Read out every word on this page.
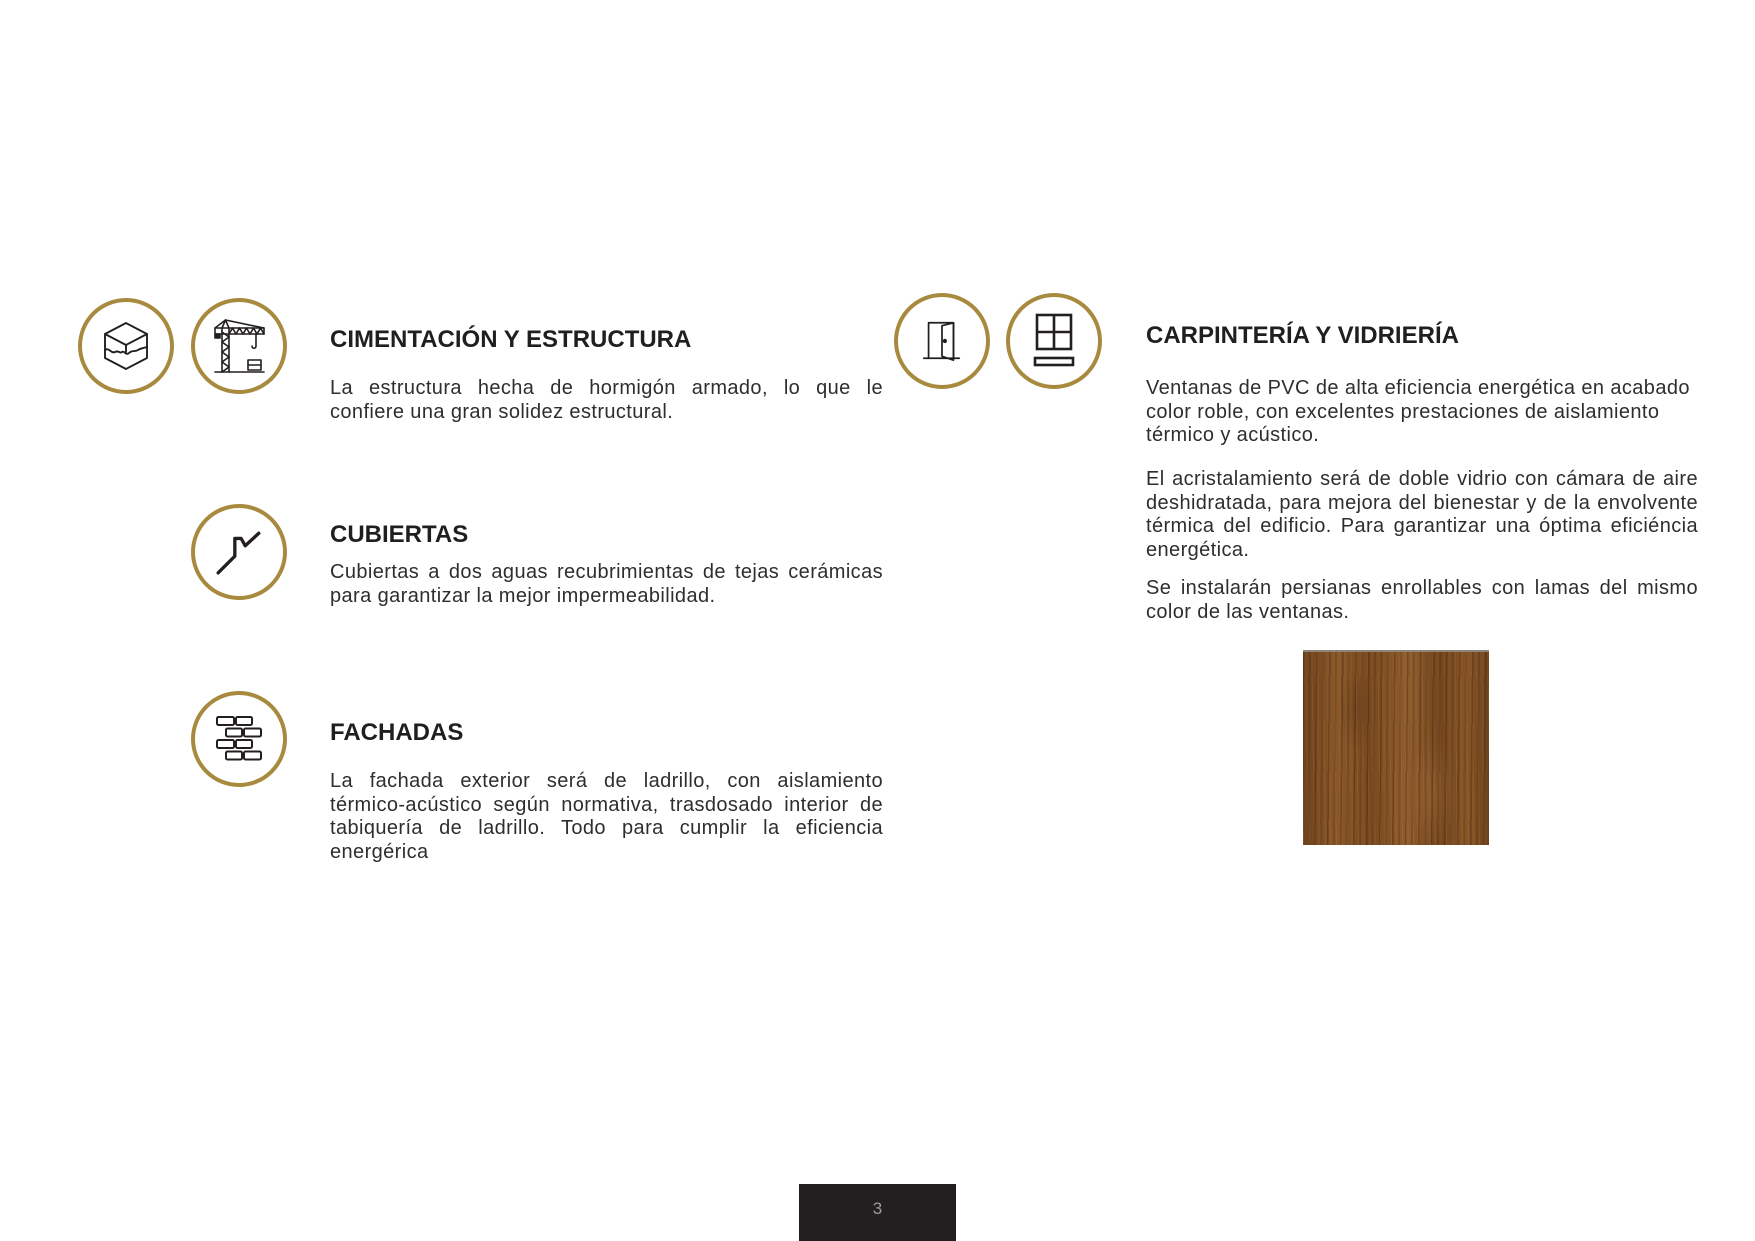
CIMENTACIÓN Y ESTRUCTURA
La estructura hecha de hormigón armado, lo que le
confiere una gran solidez estructural.
CUBIERTAS
Cubiertas a dos aguas recubrimientas de tejas cerámicas
para garantizar la mejor impermeabilidad.
FACHADAS
La fachada exterior será de ladrillo, con aislamiento
térmico-acústico según normativa, trasdosado interior de
tabiquería de ladrillo. Todo para cumplir la eficiencia
energérica
CARPINTERÍA Y VIDRIERÍA
Ventanas de PVC de alta eficiencia energética en acabado
color roble, con excelentes prestaciones de aislamiento
térmico y acústico.
El acristalamiento será de doble vidrio con cámara de aire
deshidratada, para mejora del bienestar y de la envolvente
térmica del edificio. Para garantizar una óptima eficiéncia
energética.
Se instalarán persianas enrollables con lamas del mismo
color de las ventanas.
3
